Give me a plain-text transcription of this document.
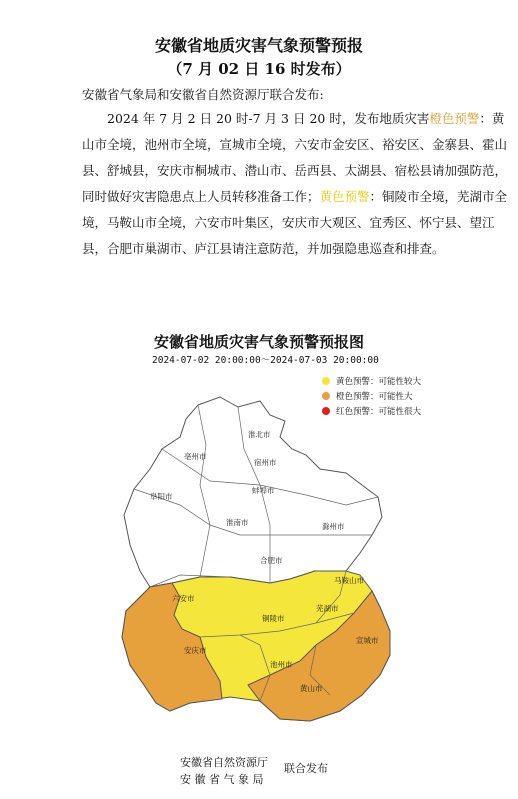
安徽省地质灾害气象预警预报
（7 月 02 日 16 时发布）
安徽省气象局和安徽省自然资源厅联合发布:
2024 年 7 月 2 日 20 时-7 月 3 日 20 时，发布地质灾害橙色预警：黄山市全境，池州市全境，宣城市全境，六安市金安区、裕安区、金寨县、霍山县、舒城县，安庆市桐城市、潜山市、岳西县、太湖县、宿松县请加强防范，同时做好灾害隐患点上人员转移准备工作；黄色预警：铜陵市全境，芜湖市全境，马鞍山市全境，六安市叶集区，安庆市大观区、宜秀区、怀宁县、望江县，合肥市巢湖市、庐江县请注意防范，并加强隐患巡查和排查。
安徽省地质灾害气象预警预报图
2024-07-02 20:00:00～2024-07-03 20:00:00
黄色预警：可能性较大
橙色预警：可能性大
红色预警：可能性很大
淮北市
宿州市
亳州市
蚌埠市
阜阳市
淮南市	滁州市
合肥市
六安市
马鞍山市
芜湖市
铜陵市
安庆市
池州市
宣城市
黄山市
安徽省自然资源厅
安 徽 省 气 象 局
联合发布
